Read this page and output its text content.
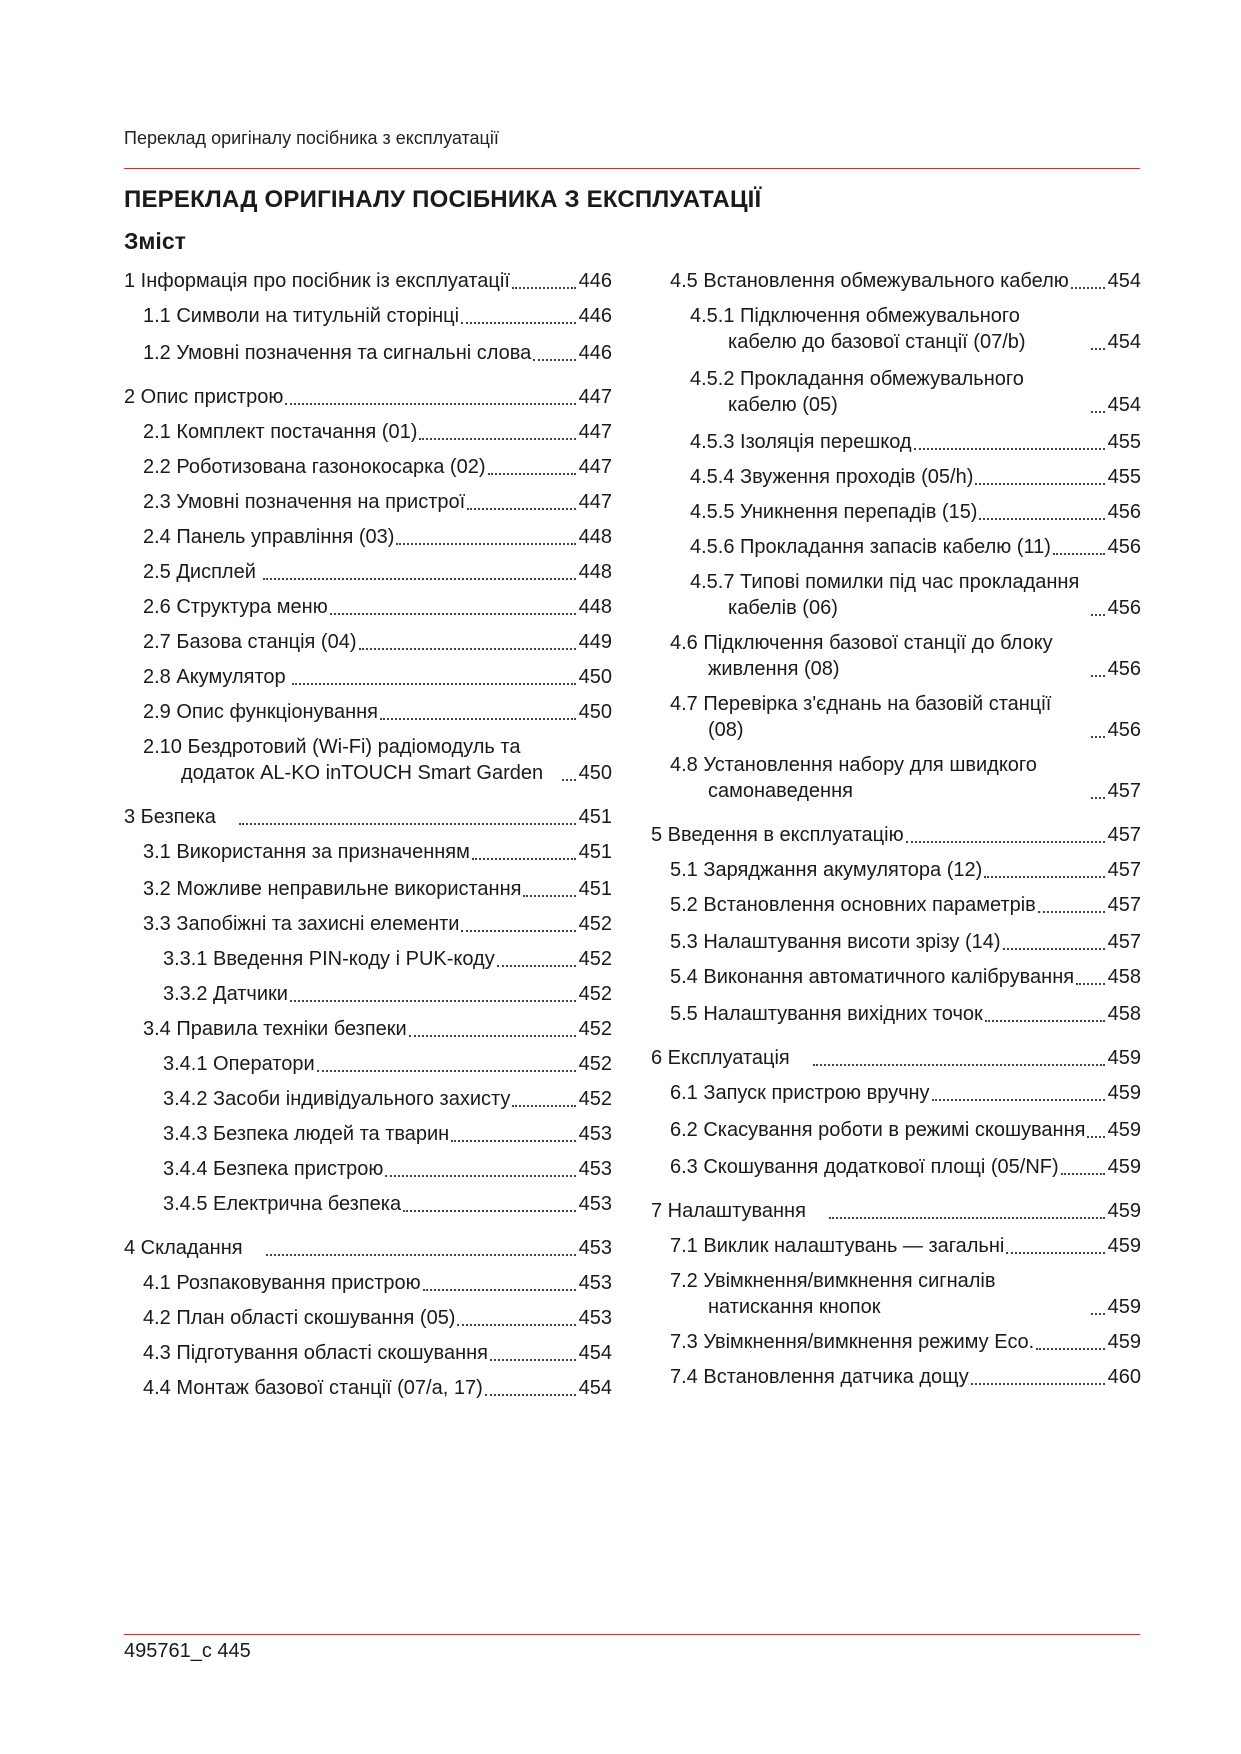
Переклад оригіналу посібника з експлуатації
ПЕРЕКЛАД ОРИГІНАЛУ ПОСІБНИКА З ЕКСПЛУАТАЦІЇ
Зміст
1 Інформація про посібник із експлуатації	446
1.1 Символи на титульній сторінці	446
1.2 Умовні позначення та сигнальні слова 446
2 Опис пристрою	447
2.1 Комплект постачання (01)	447
2.2 Роботизована газонокосарка (02)	447
2.3 Умовні позначення на пристрої	447
2.4 Панель управління (03)	448
2.5 Дисплей	448
2.6 Структура меню	448
2.7 Базова станція (04)	449
2.8 Акумулятор	450
2.9 Опис функціонування	450
2.10 Бездротовий (Wi-Fi) радіомодуль та додаток AL-KO inTOUCH Smart Garden	450
3 Безпека	451
3.1 Використання за призначенням	451
3.2 Можливе неправильне використання	451
3.3 Запобіжні та захисні елементи	452
3.3.1 Введення PIN-коду і PUK-коду	452
3.3.2 Датчики	452
3.4 Правила техніки безпеки	452
3.4.1 Оператори	452
3.4.2 Засоби індивідуального захисту	452
3.4.3 Безпека людей та тварин	453
3.4.4 Безпека пристрою	453
3.4.5 Електрична безпека	453
4 Складання	453
4.1 Розпаковування пристрою	453
4.2 План області скошування (05)	453
4.3 Підготування області скошування	454
4.4 Монтаж базової станції (07/a, 17)	454
4.5 Встановлення обмежувального кабелю 454
4.5.1 Підключення обмежувального кабелю до базової станції (07/b)	454
4.5.2 Прокладання обмежувального кабелю (05)	454
4.5.3 Ізоляція перешкод	455
4.5.4 Звуження проходів (05/h)	455
4.5.5 Уникнення перепадів (15)	456
4.5.6 Прокладання запасів кабелю (11)	456
4.5.7 Типові помилки під час прокладання кабелів (06)	456
4.6 Підключення базової станції до блоку живлення (08)	456
4.7 Перевірка з'єднань на базовій станції (08)	456
4.8 Установлення набору для швидкого самонаведення	457
5 Введення в експлуатацію	457
5.1 Заряджання акумулятора (12)	457
5.2 Встановлення основних параметрів	457
5.3 Налаштування висоти зрізу (14)	457
5.4 Виконання автоматичного калібрування 458
5.5 Налаштування вихідних точок	458
6 Експлуатація	459
6.1 Запуск пристрою вручну	459
6.2 Скасування роботи в режимі скошування 459
6.3 Скошування додаткової площі (05/NF) 459
7 Налаштування	459
7.1 Виклик налаштувань — загальні	459
7.2 Увімкнення/вимкнення сигналів натискання кнопок	459
7.3 Увімкнення/вимкнення режиму Eco.	459
7.4 Встановлення датчика дощу	460
495761_c 445
